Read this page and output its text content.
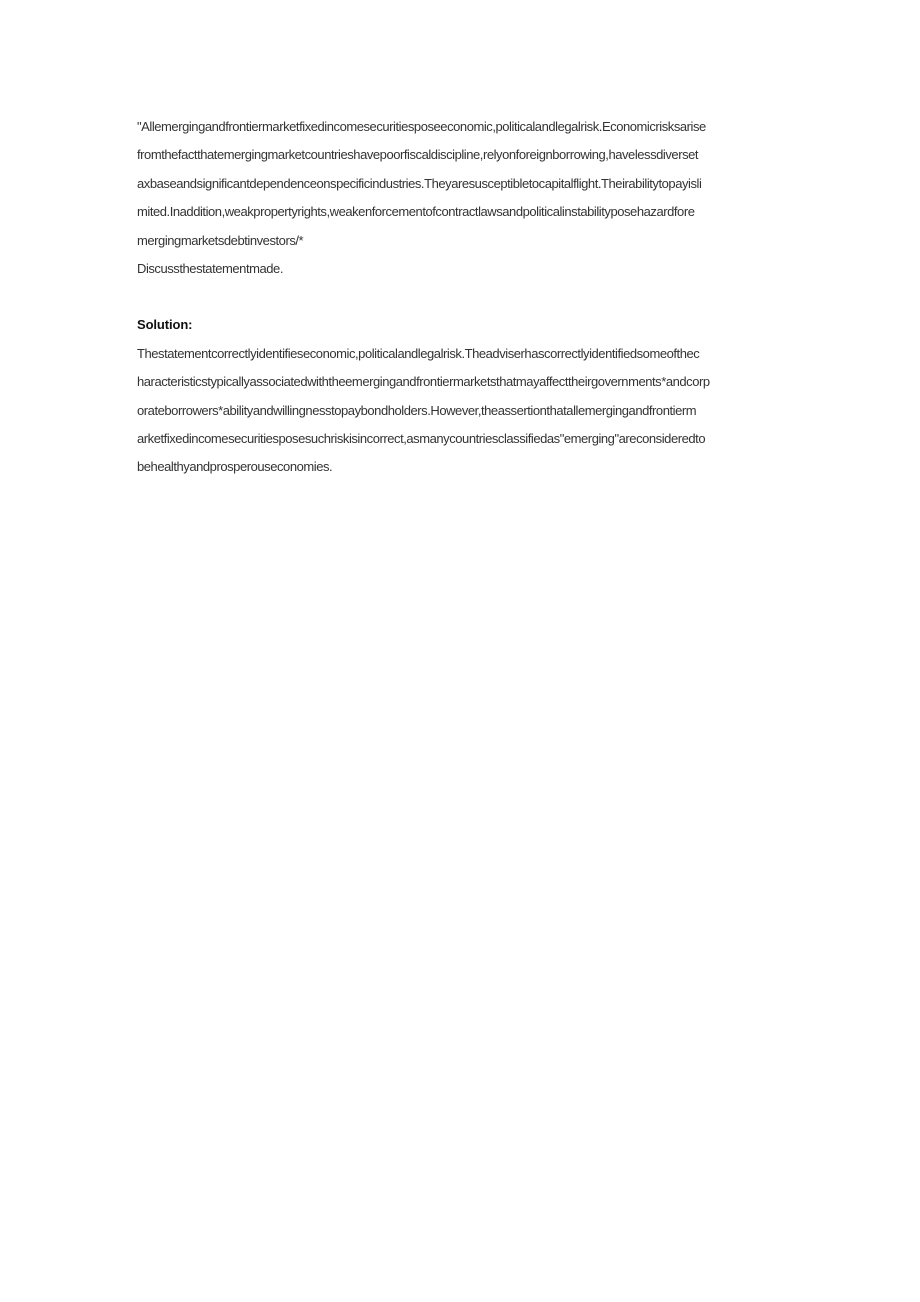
"Allemergingandfrontiermarketfixedincomesecuritiesposeeconomic,politicalandlegalrisk.Economicrisksarise
fromthefactthatemergingmarketcountrieshavepoorfiscaldiscipline,relyonforeignborrowing,havelessdiverset
axbaseandsignificantdependenceonspecificindustries.Theyaresusceptibletocapitalflight.Theirabilitytopayisli
mited.Inaddition,weakpropertyrights,weakenforcementofcontractlawsandpoliticalinstabilityposehazardfore
mergingmarketsdebtinvestors/*
Discussthestatementmade.
Solution:
Thestatementcorrectlyidentifieseconomic,politicalandlegalrisk.Theadviserhascorrectlyidentifiedsomeofthec
haracteristicstypicallyassociatedwiththeemergingandfrontiermarketsthatmayaffecttheirgovernments*andcorp
orateborrowers*abilityandwillingnesstopaybondholders.However,theassertionthatallemergingandfrontierm
arketfixedincomesecuritiesposesuchriskisincorrect,asmanycountriesclassifiedas"emerging"areconsideredto
behealthyandprosperouseconomies.
